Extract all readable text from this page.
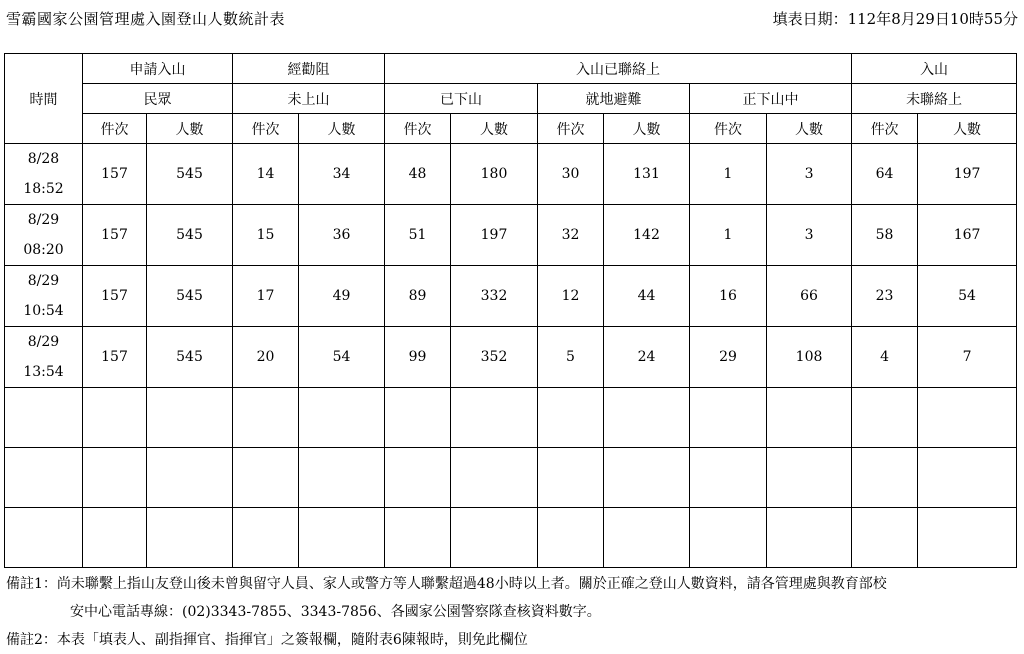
雪霸國家公園管理處入園登山人數統計表	填表日期：112年8月29日10時55分
時間	申請入山		經勸阻		入山已聯絡上						入山	
	民眾		未上山		已下山		就地避難		正下山中		未聯絡上	
	件次	人數	件次	人數	件次	人數	件次	人數	件次	人數	件次	人數
8/28
18:52	157	545	14	34	48	180	30	131	1	3	64	197
8/29
08:20	157	545	15	36	51	197	32	142	1	3	58	167
8/29
10:54	157	545	17	49	89	332	12	44	16	66	23	54
8/29
13:54	157	545	20	54	99	352	5	24	29	108	4	7

備註1：尚未聯繫上指山友登山後未曾與留守人員、家人或警方等人聯繫超過48小時以上者。關於正確之登山人數資料，請各管理處與教育部校
安中心電話專線：(02)3343-7855、3343-7856、各國家公園警察隊查核資料數字。
備註2：本表「填表人、副指揮官、指揮官」之簽報欄，隨附表6陳報時，則免此欄位
